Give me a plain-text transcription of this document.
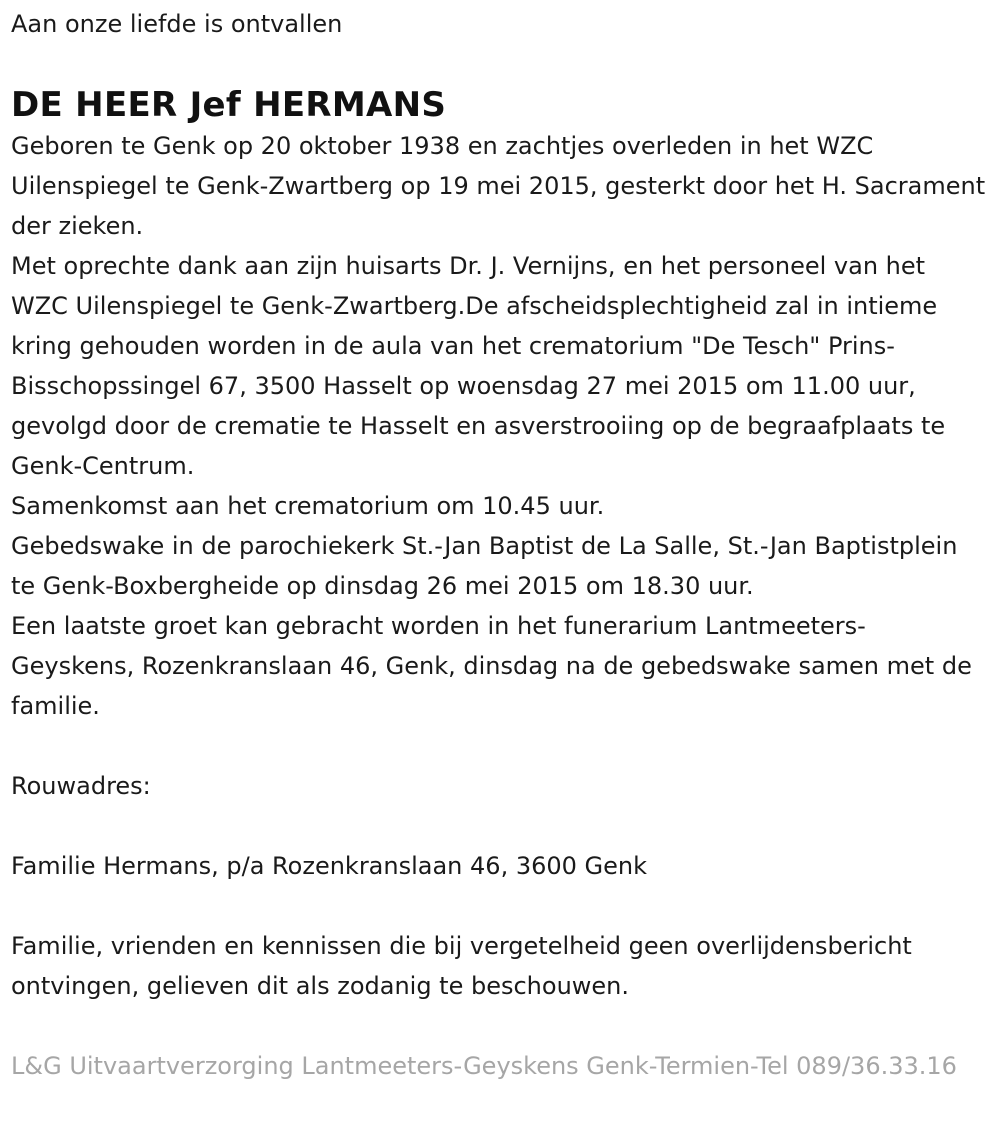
Aan onze liefde is ontvallen

DE HEER Jef HERMANS

Geboren te Genk op 20 oktober 1938 en zachtjes overleden in het WZC Uilenspiegel te Genk-Zwartberg op 19 mei 2015, gesterkt door het H. Sacrament der zieken.

Met oprechte dank aan zijn huisarts Dr. J. Vernijns, en het personeel van het WZC Uilenspiegel te Genk-Zwartberg.De afscheidsplechtigheid zal in intieme kring gehouden worden in de aula van het crematorium "De Tesch" Prins-Bisschopssingel 67, 3500 Hasselt op woensdag 27 mei 2015 om 11.00 uur, gevolgd door de crematie te Hasselt en asverstrooiing op de begraafplaats te Genk-Centrum.

Samenkomst aan het crematorium om 10.45 uur.

Gebedswake in de parochiekerk St.-Jan Baptist de La Salle, St.-Jan Baptistplein te Genk-Boxbergheide op dinsdag 26 mei 2015 om 18.30 uur.

Een laatste groet kan gebracht worden in het funerarium Lantmeeters-Geyskens, Rozenkranslaan 46, Genk, dinsdag na de gebedswake samen met de familie.

Rouwadres:

Familie Hermans, p/a Rozenkranslaan 46, 3600 Genk

Familie, vrienden en kennissen die bij vergetelheid geen overlijdensbericht ontvingen, gelieven dit als zodanig te beschouwen.

L&G Uitvaartverzorging Lantmeeters-Geyskens Genk-Termien-Tel 089/36.33.16
